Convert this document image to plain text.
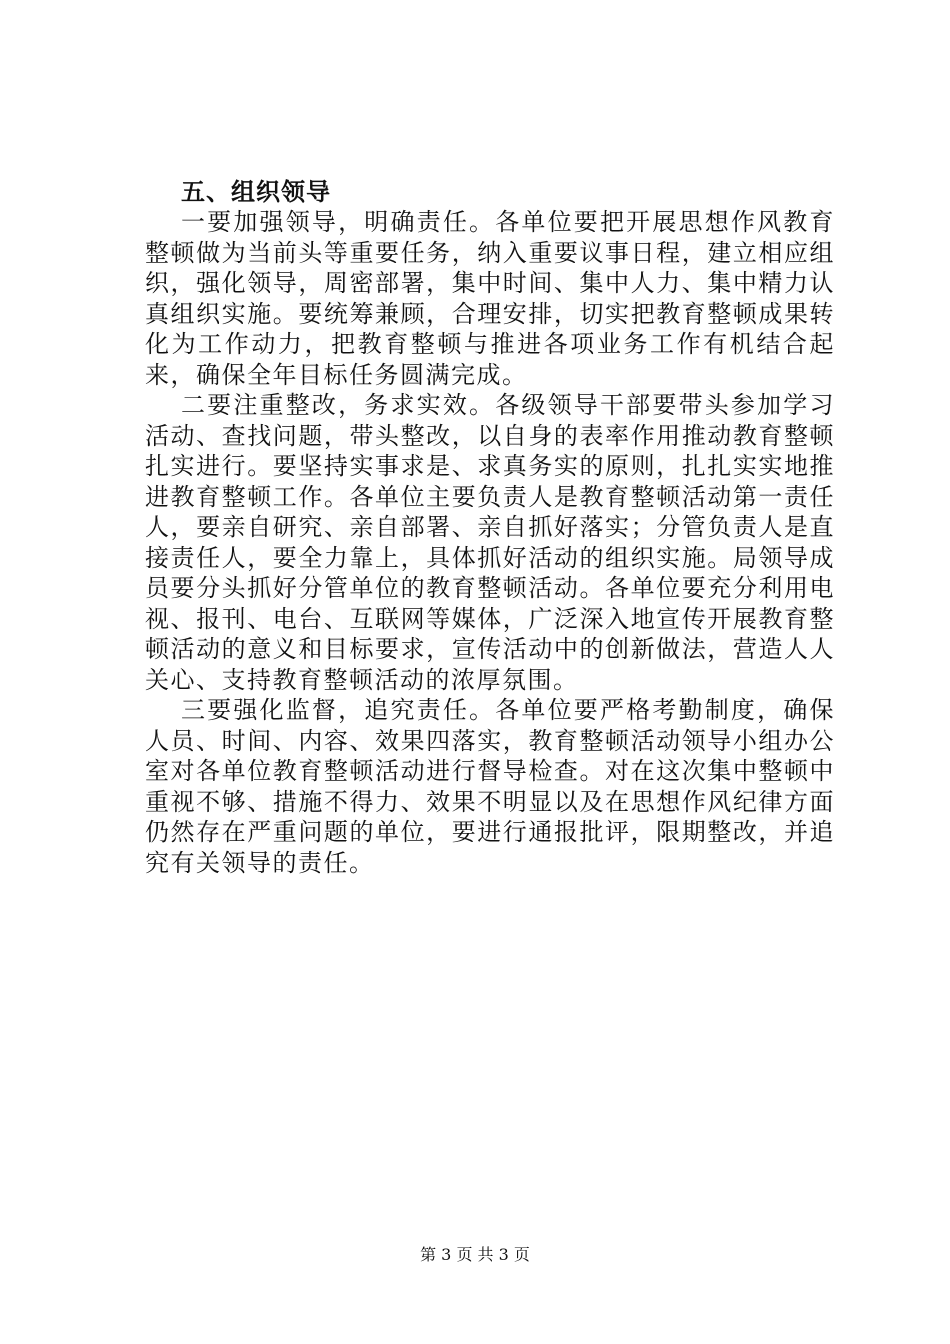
五、组织领导

一要加强领导，明确责任。各单位要把开展思想作风教育整顿做为当前头等重要任务，纳入重要议事日程，建立相应组织，强化领导，周密部署，集中时间、集中人力、集中精力认真组织实施。要统筹兼顾，合理安排，切实把教育整顿成果转化为工作动力，把教育整顿与推进各项业务工作有机结合起来，确保全年目标任务圆满完成。

二要注重整改，务求实效。各级领导干部要带头参加学习活动、查找问题，带头整改，以自身的表率作用推动教育整顿扎实进行。要坚持实事求是、求真务实的原则，扎扎实实地推进教育整顿工作。各单位主要负责人是教育整顿活动第一责任人，要亲自研究、亲自部署、亲自抓好落实；分管负责人是直接责任人，要全力靠上，具体抓好活动的组织实施。局领导成员要分头抓好分管单位的教育整顿活动。各单位要充分利用电视、报刊、电台、互联网等媒体，广泛深入地宣传开展教育整顿活动的意义和目标要求，宣传活动中的创新做法，营造人人关心、支持教育整顿活动的浓厚氛围。

三要强化监督，追究责任。各单位要严格考勤制度，确保人员、时间、内容、效果四落实，教育整顿活动领导小组办公室对各单位教育整顿活动进行督导检查。对在这次集中整顿中重视不够、措施不得力、效果不明显以及在思想作风纪律方面仍然存在严重问题的单位，要进行通报批评，限期整改，并追究有关领导的责任。

第 3 页 共 3 页
